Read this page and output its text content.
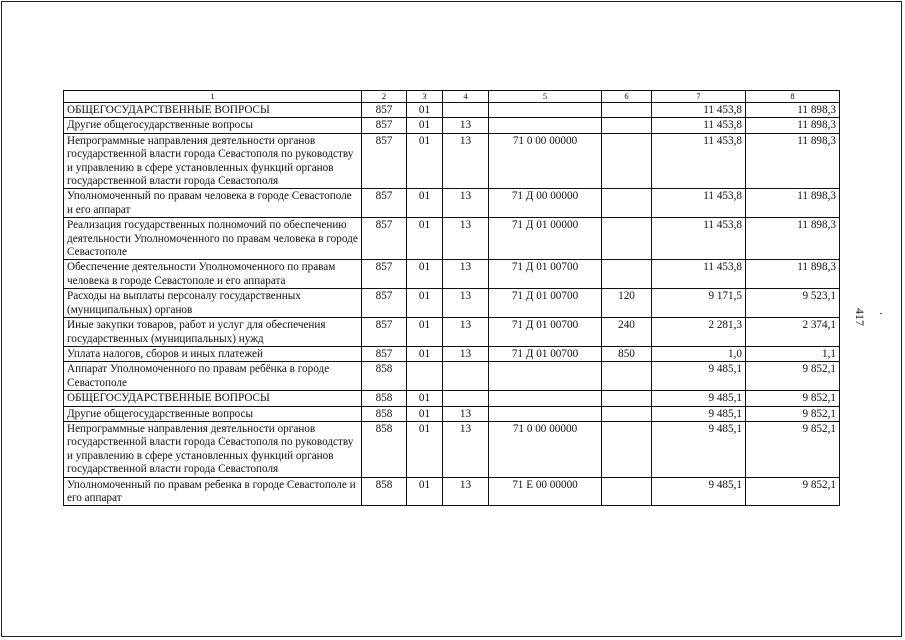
1	2	3	4	5	6	7	8
ОБЩЕГОСУДАРСТВЕННЫЕ ВОПРОСЫ	857	01				11 453,8	11 898,3
Другие общегосударственные вопросы	857	01	13			11 453,8	11 898,3
Непрограммные направления деятельности органов государственной власти города Севастополя по руководству и управлению в сфере установленных функций органов государственной власти города Севастополя	857	01	13	71 0 00 00000		11 453,8	11 898,3
Уполномоченный по правам человека в городе Севастополе и его аппарат	857	01	13	71 Д 00 00000		11 453,8	11 898,3
Реализация государственных полномочий по обеспечению деятельности Уполномоченного по правам человека в городе Севастополе	857	01	13	71 Д 01 00000		11 453,8	11 898,3
Обеспечение деятельности Уполномоченного по правам человека в городе Севастополе и его аппарата	857	01	13	71 Д 01 00700		11 453,8	11 898,3
Расходы на выплаты персоналу государственных (муниципальных) органов	857	01	13	71 Д 01 00700	120	9 171,5	9 523,1
Иные закупки товаров, работ и услуг для обеспечения государственных (муниципальных) нужд	857	01	13	71 Д 01 00700	240	2 281,3	2 374,1
Уплата налогов, сборов и иных платежей	857	01	13	71 Д 01 00700	850	1,0	1,1
Аппарат Уполномоченного по правам ребёнка в городе Севастополе	858					9 485,1	9 852,1
ОБЩЕГОСУДАРСТВЕННЫЕ ВОПРОСЫ	858	01				9 485,1	9 852,1
Другие общегосударственные вопросы	858	01	13			9 485,1	9 852,1
Непрограммные направления деятельности органов государственной власти города Севастополя по руководству и управлению в сфере установленных функций органов государственной власти города Севастополя	858	01	13	71 0 00 00000		9 485,1	9 852,1
Уполномоченный по правам ребенка в городе Севастополе и его аппарат	858	01	13	71 Е 00 00000		9 485,1	9 852,1
417
